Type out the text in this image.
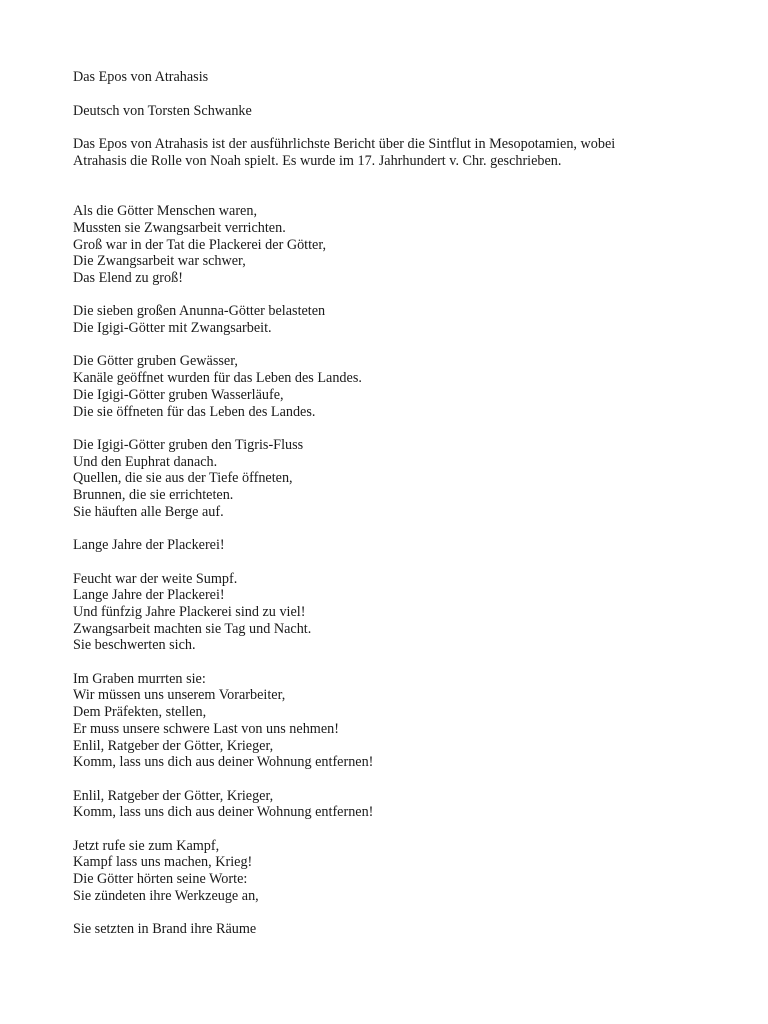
Das Epos von Atrahasis
Deutsch von Torsten Schwanke

Das Epos von Atrahasis ist der ausführlichste Bericht über die Sintflut in Mesopotamien, wobei

Atrahasis die Rolle von Noah spielt. Es wurde im 17. Jahrhundert v. Chr. geschrieben.

Als die Götter Menschen waren,

Mussten sie Zwangsarbeit verrichten.

Groß war in der Tat die Plackerei der Götter,

Die Zwangsarbeit war schwer,

Das Elend zu groß!

Die sieben großen Anunna-Götter belasteten

Die Igigi-Götter mit Zwangsarbeit.

Die Götter gruben Gewässer,

Kanäle geöffnet wurden für das Leben des Landes.

Die Igigi-Götter gruben Wasserläufe,

Die sie öffneten für das Leben des Landes.

Die Igigi-Götter gruben den Tigris-Fluss

Und den Euphrat danach.

Quellen, die sie aus der Tiefe öffneten,

Brunnen, die sie errichteten.

Sie häuften alle Berge auf.

Lange Jahre der Plackerei!

Feucht war der weite Sumpf.

Lange Jahre der Plackerei!

Und fünfzig Jahre Plackerei sind zu viel!

Zwangsarbeit machten sie Tag und Nacht.

Sie beschwerten sich.

Im Graben murrten sie:

Wir müssen uns unserem Vorarbeiter,

Dem Präfekten, stellen,

Er muss unsere schwere Last von uns nehmen!

Enlil, Ratgeber der Götter, Krieger,

Komm, lass uns dich aus deiner Wohnung entfernen!

Enlil, Ratgeber der Götter, Krieger,

Komm, lass uns dich aus deiner Wohnung entfernen!

Jetzt rufe sie zum Kampf,

Kampf lass uns machen, Krieg!

Die Götter hörten seine Worte:

Sie zündeten ihre Werkzeuge an,

Sie setzten in Brand ihre Räume
